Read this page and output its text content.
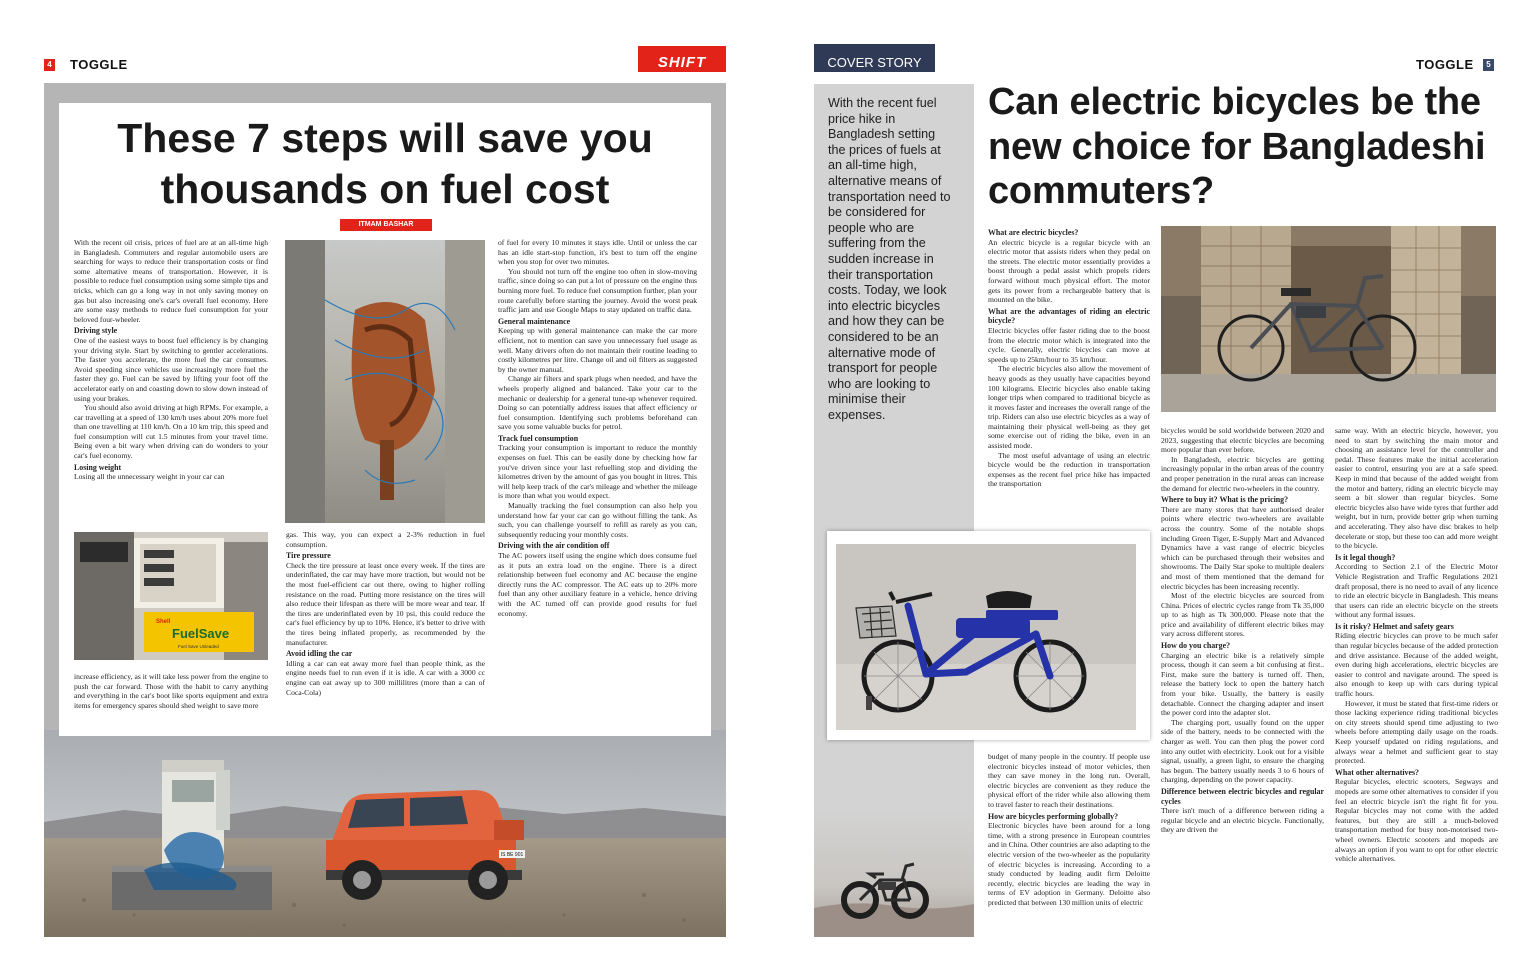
4 TOGGLE	SHIFT
IS BE 901
These 7 steps will save you thousands on fuel cost
ITMAM BASHAR

With the recent oil crisis, prices of fuel are at an all-time high in Bangladesh. Commuters and regular automobile users are searching for ways to reduce their transportation costs or find some alternative means of transportation. However, it is possible to reduce fuel consumption using some simple tips and tricks, which can go a long way in not only saving money on gas but also increasing one's car's overall fuel economy. Here are some easy methods to reduce fuel consumption for your beloved four-wheeler.

Driving style

One of the easiest ways to boost fuel efficiency is by changing your driving style. Start by switching to gentler accelerations. The faster you accelerate, the more fuel the car consumes. Avoid speeding since vehicles use increasingly more fuel the faster they go. Fuel can be saved by lifting your foot off the accelerator early on and coasting down to slow down instead of using your brakes.

You should also avoid driving at high RPMs. For example, a car travelling at a speed of 130 km/h uses about 20% more fuel than one travelling at 110 km/h. On a 10 km trip, this speed and fuel consumption will cut 1.5 minutes from your travel time. Being even a bit wary when driving can do wonders to your car's fuel economy.

Losing weight

Losing all the unnecessary weight in your car can

Shell
FuelSave
Fuel Save Unleaded

increase efficiency, as it will take less power from the engine to push the car forward. Those with the habit to carry anything and everything in the car's boot like sports equipment and extra items for emergency spares should shed weight to save more

gas. This way, you can expect a 2-3% reduction in fuel consumption.

Tire pressure

Check the tire pressure at least once every week. If the tires are underinflated, the car may have more traction, but would not be the most fuel-efficient car out there, owing to higher rolling resistance on the road. Putting more resistance on the tires will also reduce their lifespan as there will be more wear and tear. If the tires are underinflated even by 10 psi, this could reduce the car's fuel efficiency by up to 10%. Hence, it's better to drive with the tires being inflated properly, as recommended by the manufacturer.

Avoid idling the car

Idling a car can eat away more fuel than people think, as the engine needs fuel to run even if it is idle. A car with a 3000 cc engine can eat away up to 300 millilitres (more than a can of Coca-Cola)

of fuel for every 10 minutes it stays idle. Until or unless the car has an idle start-stop function, it's best to turn off the engine when you stop for over two minutes.

You should not turn off the engine too often in slow-moving traffic, since doing so can put a lot of pressure on the engine thus burning more fuel. To reduce fuel consumption further, plan your route carefully before starting the journey. Avoid the worst peak traffic jam and use Google Maps to stay updated on traffic data.

General maintenance

Keeping up with general maintenance can make the car more efficient, not to mention can save you unnecessary fuel usage as well. Many drivers often do not maintain their routine leading to costly kilometres per litre. Change oil and oil filters as suggested by the owner manual.

Change air filters and spark plugs when needed, and have the wheels properly aligned and balanced. Take your car to the mechanic or dealership for a general tune-up whenever required. Doing so can potentially address issues that affect efficiency or fuel consumption. Identifying such problems beforehand can save you some valuable bucks for petrol.

Track fuel consumption

Tracking your consumption is important to reduce the monthly expenses on fuel. This can be easily done by checking how far you've driven since your last refuelling stop and dividing the kilometres driven by the amount of gas you bought in litres. This will help keep track of the car's mileage and whether the mileage is more than what you would expect.

Manually tracking the fuel consumption can also help you understand how far your car can go without filling the tank. As such, you can challenge yourself to refill as rarely as you can, subsequently reducing your monthly costs.

Driving with the air condition off

The AC powers itself using the engine which does consume fuel as it puts an extra load on the engine. There is a direct relationship between fuel economy and AC because the engine directly runs the AC compressor. The AC eats up to 20% more fuel than any other auxiliary feature in a vehicle, hence driving with the AC turned off can provide good results for fuel economy.

COVER STORY	TOGGLE	5
With the recent fuel price hike in Bangladesh setting the prices of fuels at an all-time high, alternative means of transportation need to be considered for people who are suffering from the sudden increase in their transportation costs. Today, we look into electric bicycles and how they can be considered to be an alternative mode of transport for people who are looking to minimise their expenses.
Can electric bicycles be the new choice for Bangladeshi commuters?
What are electric bicycles?

An electric bicycle is a regular bicycle with an electric motor that assists riders when they pedal on the streets. The electric motor essentially provides a boost through a pedal assist which propels riders forward without much physical effort. The motor gets its power from a rechargeable battery that is mounted on the bike.

What are the advantages of riding an electric bicycle?

Electric bicycles offer faster riding due to the boost from the electric motor which is integrated into the cycle. Generally, electric bicycles can move at speeds up to 25km/hour to 35 km/hour.

The electric bicycles also allow the movement of heavy goods as they usually have capacities beyond 100 kilograms. Electric bicycles also enable taking longer trips when compared to traditional bicycle as it moves faster and increases the overall range of the trip. Riders can also use electric bicycles as a way of maintaining their physical well-being as they get some exercise out of riding the bike, even in an assisted mode.

The most useful advantage of using an electric bicycle would be the reduction in transportation expenses as the recent fuel price hike has impacted the transportation

budget of many people in the country. If people use electronic bicycles instead of motor vehicles, then they can save money in the long run. Overall, electric bicycles are convenient as they reduce the physical effort of the rider while also allowing them to travel faster to reach their destinations.

How are bicycles performing globally?

Electronic bicycles have been around for a long time, with a strong presence in European countries and in China. Other countries are also adapting to the electric version of the two-wheeler as the popularity of electric bicycles is increasing. According to a study conducted by leading audit firm Deloitte recently, electric bicycles are leading the way in terms of EV adoption in Germany. Deloitte also predicted that between 130 million units of electric

bicycles would be sold worldwide between 2020 and 2023, suggesting that electric bicycles are becoming more popular than ever before.

In Bangladesh, electric bicycles are getting increasingly popular in the urban areas of the country and proper penetration in the rural areas can increase the demand for electric two-wheelers in the country.

Where to buy it? What is the pricing?

There are many stores that have authorised dealer points where electric two-wheelers are available across the country. Some of the notable shops including Green Tiger, E-Supply Mart and Advanced Dynamics have a vast range of electric bicycles which can be purchased through their websites and showrooms. The Daily Star spoke to multiple dealers and most of them mentioned that the demand for electric bicycles has been increasing recently.

Most of the electric bicycles are sourced from China. Prices of electric cycles range from Tk 35,000 up to as high as Tk 300,000. Please note that the price and availability of different electric bikes may vary across different stores.

How do you charge?

Charging an electric bike is a relatively simple process, though it can seem a bit confusing at first.. First, make sure the battery is turned off. Then, release the battery lock to open the battery hatch from your bike. Usually, the battery is easily detachable. Connect the charging adapter and insert the power cord into the adapter slot.

The charging port, usually found on the upper side of the battery, needs to be connected with the charger as well. You can then plug the power cord into any outlet with electricity. Look out for a visible signal, usually, a green light, to ensure the charging has begun. The battery usually needs 3 to 6 hours of charging, depending on the power capacity.

Difference between electric bicycles and regular cycles

There isn't much of a difference between riding a regular bicycle and an electric bicycle. Functionally, they are driven the

same way. With an electric bicycle, however, you need to start by switching the main motor and choosing an assistance level for the controller and pedal. These features make the initial acceleration easier to control, ensuring you are at a safe speed. Keep in mind that because of the added weight from the motor and battery, riding an electric bicycle may seem a bit slower than regular bicycles. Some electric bicycles also have wide tyres that further add weight, but in turn, provide better grip when turning and accelerating. They also have disc brakes to help decelerate or stop, but these too can add more weight to the bicycle.

Is it legal though?

According to Section 2.1 of the Electric Motor Vehicle Registration and Traffic Regulations 2021 draft proposal, there is no need to avail of any licence to ride an electric bicycle in Bangladesh. This means that users can ride an electric bicycle on the streets without any formal issues.

Is it risky? Helmet and safety gears

Riding electric bicycles can prove to be much safer than regular bicycles because of the added protection and drive assistance. Because of the added weight, even during high accelerations, electric bicycles are easier to control and navigate around. The speed is also enough to keep up with cars during typical traffic hours.

However, it must be stated that first-time riders or those lacking experience riding traditional bicycles on city streets should spend time adjusting to two wheels before attempting daily usage on the roads. Keep yourself updated on riding regulations, and always wear a helmet and sufficient gear to stay protected.

What other alternatives?

Regular bicycles, electric scooters, Segways and mopeds are some other alternatives to consider if you feel an electric bicycle isn't the right fit for you. Regular bicycles may not come with the added features, but they are still a much-beloved transportation method for busy non-motorised two-wheel owners. Electric scooters and mopeds are always an option if you want to opt for other electric vehicle alternatives.
